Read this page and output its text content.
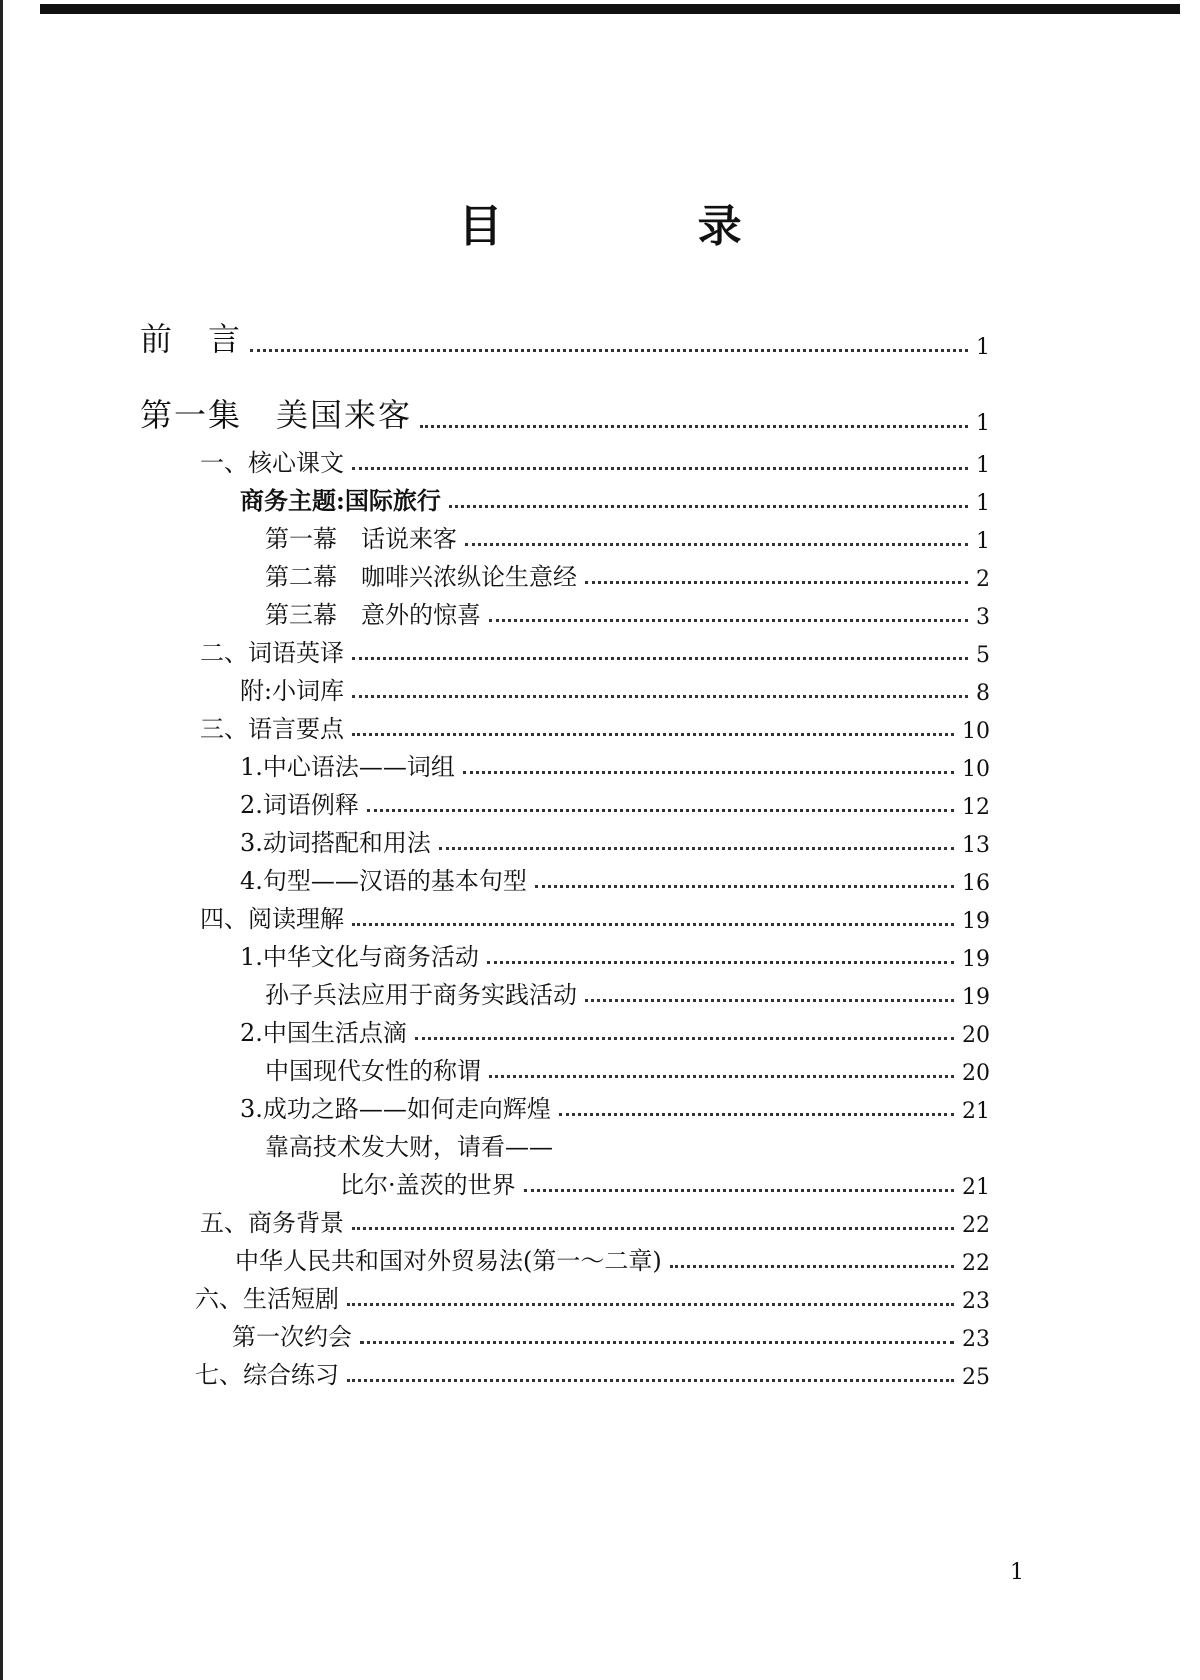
目 录
前　言	1
第一集　美国来客	1
一、核心课文	1
商务主题:国际旅行	1
第一幕　话说来客	1
第二幕　咖啡兴浓纵论生意经	2
第三幕　意外的惊喜	3
二、词语英译	5
附:小词库	8
三、语言要点	10
1.中心语法——词组	10
2.词语例释	12
3.动词搭配和用法	13
4.句型——汉语的基本句型	16
四、阅读理解	19
1.中华文化与商务活动	19
孙子兵法应用于商务实践活动	19
2.中国生活点滴	20
中国现代女性的称谓	20
3.成功之路——如何走向辉煌	21
靠高技术发大财，请看——
比尔·盖茨的世界	21
五、商务背景	22
中华人民共和国对外贸易法(第一～二章)	22
六、生活短剧	23
第一次约会	23
七、综合练习	25
1
